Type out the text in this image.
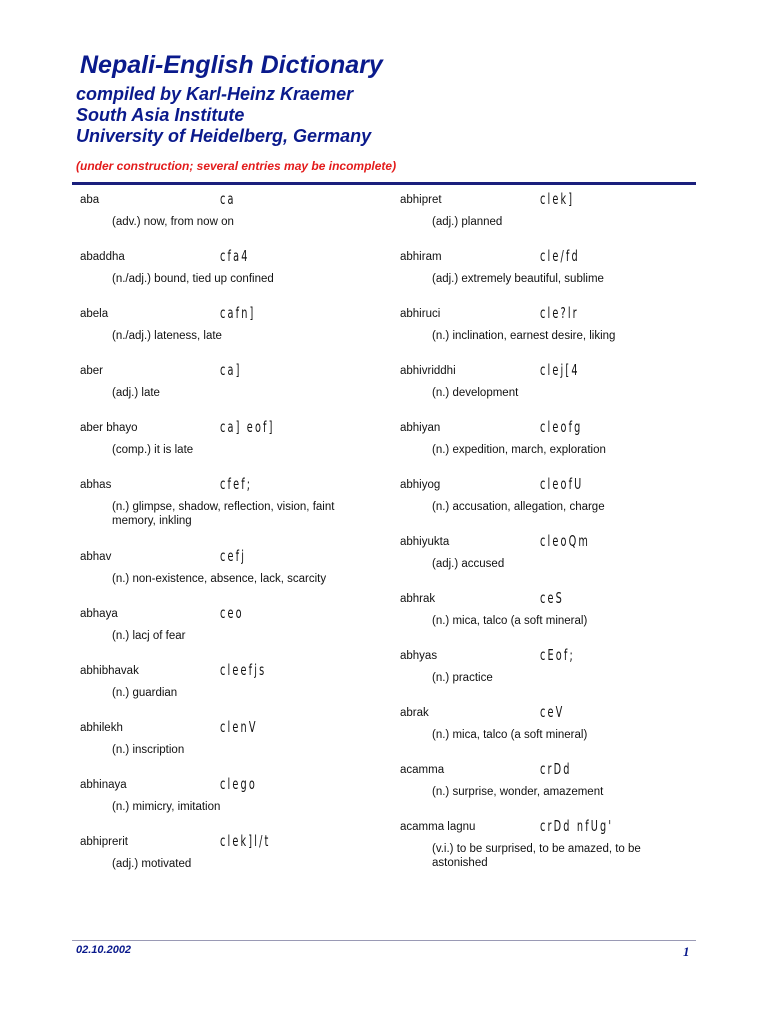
Nepali-English Dictionary
compiled by Karl-Heinz Kraemer
South Asia Institute
University of Heidelberg, Germany
(under construction; several entries may be incomplete)
aba	ca
(adv.) now, from now on
abaddha	cfa4
(n./adj.) bound, tied up confined
abela	cafn]
(n./adj.) lateness, late
aber	ca]
(adj.) late
aber bhayo	ca] eof]
(comp.) it is late
abhas	cfef;
(n.) glimpse, shadow, reflection, vision, faint memory, inkling
abhav	cefj
(n.) non-existence, absence, lack, scarcity
abhaya	ceo
(n.) lacj of fear
abhibhavak	cleefjs
(n.) guardian
abhilekh	clenV
(n.) inscription
abhinaya	clego
(n.) mimicry, imitation
abhiprerit	clek]l/t
(adj.) motivated
abhipret	clek]
(adj.) planned
abhiram	cle/fd
(adj.) extremely beautiful, sublime
abhiruci	cle?lr
(n.) inclination, earnest desire, liking
abhivriddhi	clej[4
(n.) development
abhiyan	cleofg
(n.) expedition, march, exploration
abhiyog	cleofU
(n.) accusation, allegation, charge
abhiyukta	cleoQm
(adj.) accused
abhrak	ceS
(n.) mica, talco (a soft mineral)
abhyas	cEof;
(n.) practice
abrak	ceV
(n.) mica, talco (a soft mineral)
acamma	crDd
(n.) surprise, wonder, amazement
acamma lagnu	crDd nfUg'
(v.i.) to be surprised, to be amazed, to be astonished
02.10.2002	1
